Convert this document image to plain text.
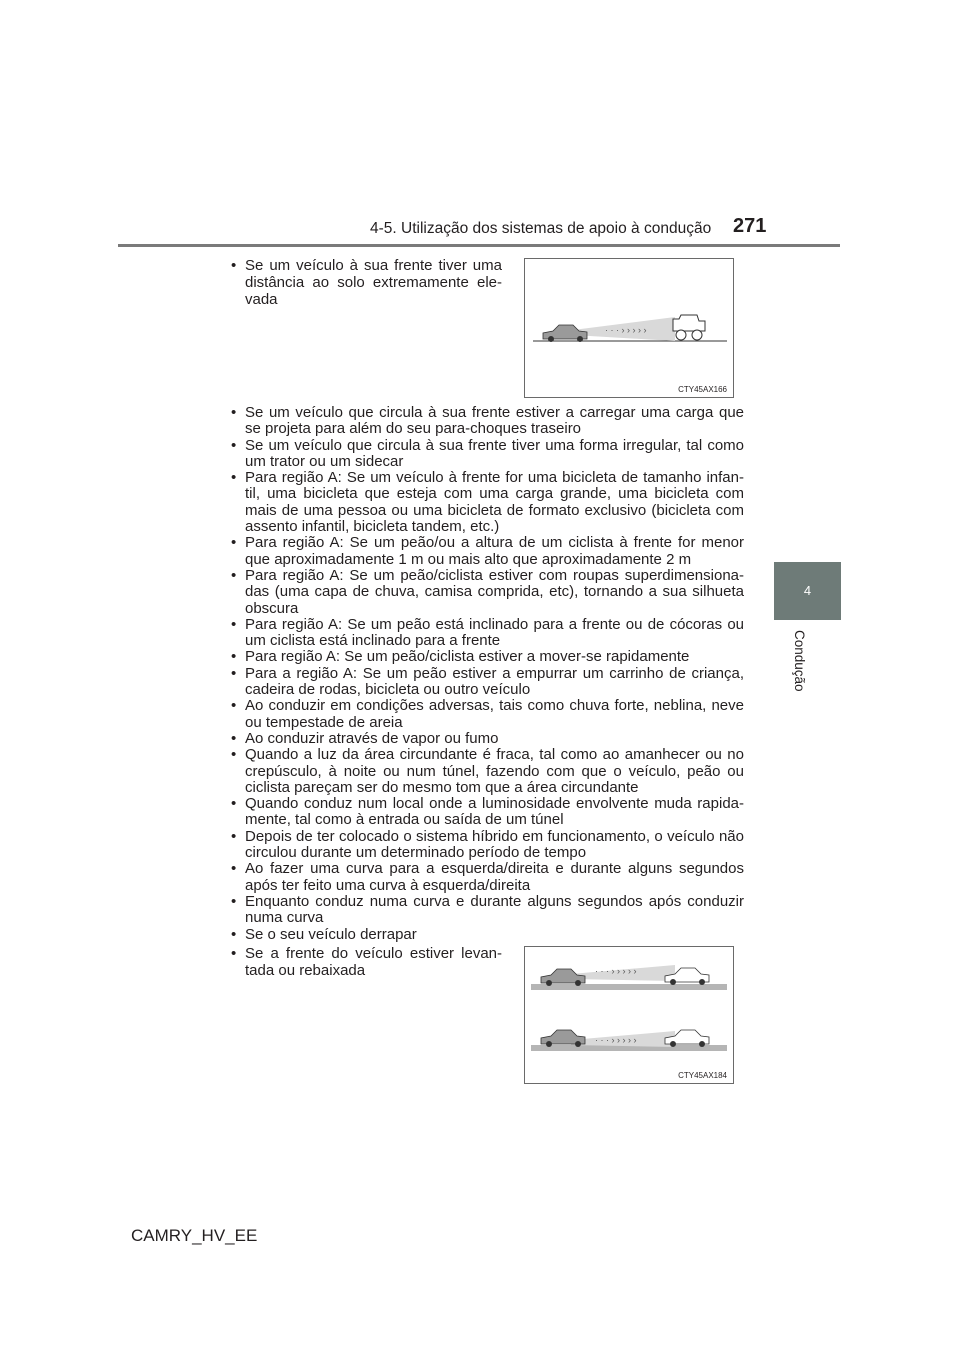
4-5. Utilização dos sistemas de apoio à condução 271
4
Condução
• Se um veículo à sua frente tiver uma distância ao solo extremamente ele- vada
· · · › › › › ›
CTY45AX166
• Se um veículo que circula à sua frente estiver a carregar uma carga que se projeta para além do seu para-choques traseiro
• Se um veículo que circula à sua frente tiver uma forma irregular, tal como um trator ou um sidecar
• Para região A: Se um veículo à frente for uma bicicleta de tamanho infan- til, uma bicicleta que esteja com uma carga grande, uma bicicleta com mais de uma pessoa ou uma bicicleta de formato exclusivo (bicicleta com assento infantil, bicicleta tandem, etc.)
• Para região A: Se um peão/ou a altura de um ciclista à frente for menor que aproximadamente 1 m ou mais alto que aproximadamente 2 m
• Para região A: Se um peão/ciclista estiver com roupas superdimensiona- das (uma capa de chuva, camisa comprida, etc), tornando a sua silhueta obscura
• Para região A: Se um peão está inclinado para a frente ou de cócoras ou um ciclista está inclinado para a frente
• Para região A: Se um peão/ciclista estiver a mover-se rapidamente
• Para a região A: Se um peão estiver a empurrar um carrinho de criança, cadeira de rodas, bicicleta ou outro veículo
• Ao conduzir em condições adversas, tais como chuva forte, neblina, neve ou tempestade de areia
• Ao conduzir através de vapor ou fumo
• Quando a luz da área circundante é fraca, tal como ao amanhecer ou no crepúsculo, à noite ou num túnel, fazendo com que o veículo, peão ou ciclista pareçam ser do mesmo tom que a área circundante
• Quando conduz num local onde a luminosidade envolvente muda rapida- mente, tal como à entrada ou saída de um túnel
• Depois de ter colocado o sistema híbrido em funcionamento, o veículo não circulou durante um determinado período de tempo
• Ao fazer uma curva para a esquerda/direita e durante alguns segundos após ter feito uma curva à esquerda/direita
• Enquanto conduz numa curva e durante alguns segundos após conduzir numa curva
• Se o seu veículo derrapar
• Se a frente do veículo estiver levan- tada ou rebaixada	· · · › › › › ›
· · · › › › › ›
CTY45AX184
CAMRY_HV_EE
